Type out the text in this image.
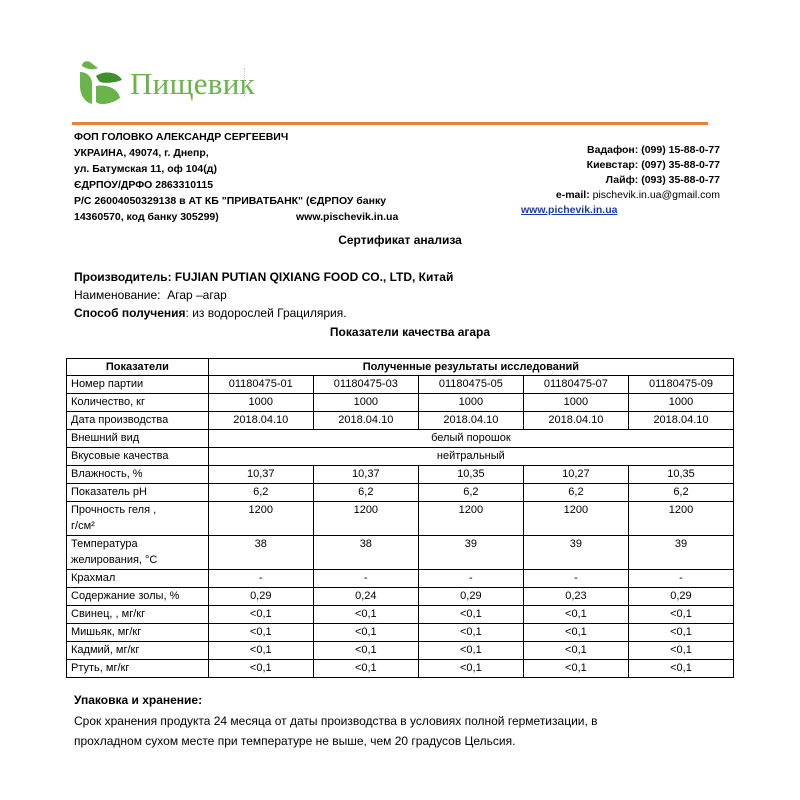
Пищевик
ФОП ГОЛОВКО АЛЕКСАНДР СЕРГЕЕВИЧ
УКРАИНА, 49074, г. Днепр,
ул. Батумская 11, оф 104(д)
ЄДРПОУ/ДРФО 2863310115
Р/С 26004050329138 в АТ КБ "ПРИВАТБАНК" (ЄДРПОУ банку
14360570, код банку 305299)	www.pischevik.in.ua
Вадафон: (099) 15-88-0-77
Киевстар: (097) 35-88-0-77
Лайф: (093) 35-88-0-77
e-mail:
pischevik.in.ua@gmail.com
www.pichevik.in.ua
Сертификат анализа
Производитель: FUJIAN PUTIAN QIXIANG FOOD CO., LTD, Китай
Наименование: Агар –агар
Способ получения: из водорослей Грацилярия.
Показатели качества агара
Показатели	Полученные результаты исследований				

Номер партии	01180475-01	01180475-03	01180475-05	01180475-07	01180475-09

Количество, кг	1000	1000	1000	1000	1000

Дата производства	2018.04.10	2018.04.10	2018.04.10	2018.04.10	2018.04.10

Внешний вид	белый порошок				

Вкусовые качества	нейтральный				

Влажность, %	10,37	10,37	10,35	10,27	10,35

Показатель pH	6,2	6,2	6,2	6,2	6,2

Прочность геля ,
г/см²	1200	1200	1200	1200	1200

Температура
желирования, °С	38	38	39	39	39

Крахмал	-	-	-	-	-

Содержание золы, %	0,29	0,24	0,29	0,23	0,29

Свинец, , мг/кг	<0,1	<0,1	<0,1	<0,1	<0,1

Мишьяк, мг/кг	<0,1	<0,1	<0,1	<0,1	<0,1

Кадмий, мг/кг	<0,1	<0,1	<0,1	<0,1	<0,1

Ртуть, мг/кг	<0,1	<0,1	<0,1	<0,1	<0,1
Упаковка и хранение:
Срок хранения продукта 24 месяца от даты производства в условиях полной герметизации, в
прохладном сухом месте при температуре не выше, чем 20 градусов Цельсия.
